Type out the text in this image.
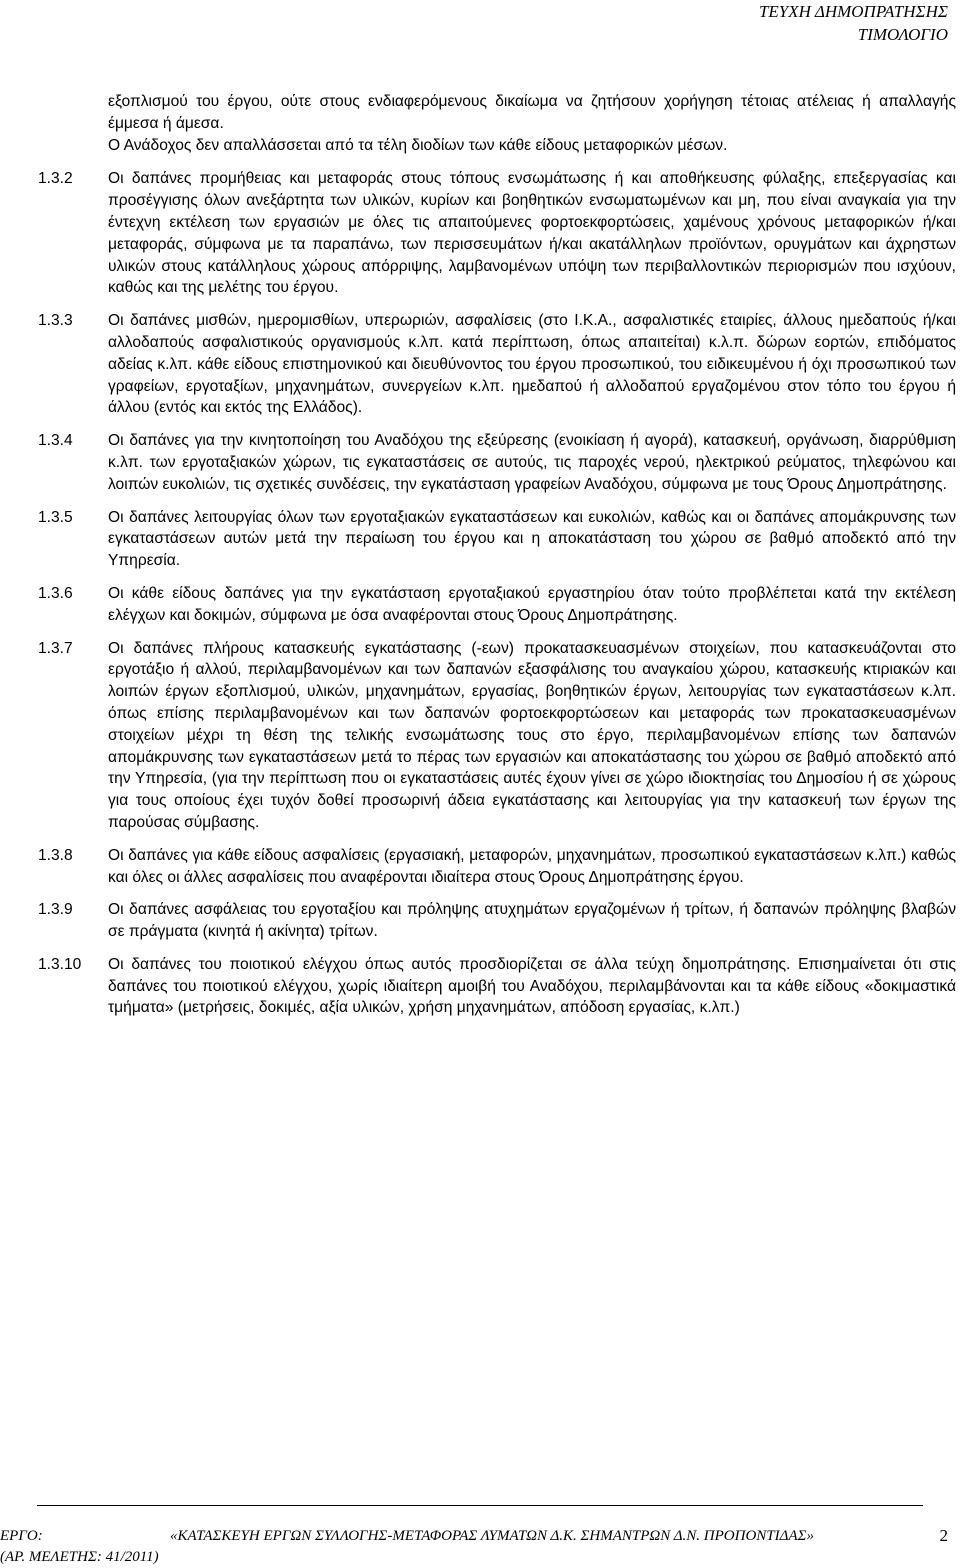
ΤΕΥΧΗ ΔΗΜΟΠΡΑΤΗΣΗΣ
ΤΙΜΟΛΟΓΙΟ

εξοπλισμού του έργου, ούτε στους ενδιαφερόμενους δικαίωμα να ζητήσουν χορήγηση τέτοιας ατέλειας ή απαλλαγής έμμεσα ή άμεσα.

Ο Ανάδοχος δεν απαλλάσσεται από τα τέλη διοδίων των κάθε είδους μεταφορικών μέσων.

1.3.2	Οι δαπάνες προμήθειας και μεταφοράς στους τόπους ενσωμάτωσης ή και αποθήκευσης φύλαξης, επεξεργασίας και προσέγγισης όλων ανεξάρτητα των υλικών, κυρίων και βοηθητικών ενσωματωμένων και μη, που είναι αναγκαία για την έντεχνη εκτέλεση των εργασιών με όλες τις απαιτούμενες φορτοεκφορτώσεις, χαμένους χρόνους μεταφορικών ή/και μεταφοράς, σύμφωνα με τα παραπάνω, των περισσευμάτων ή/και ακατάλληλων προϊόντων, ορυγμάτων και άχρηστων υλικών στους κατάλληλους χώρους απόρριψης, λαμβανομένων υπόψη των περιβαλλοντικών περιορισμών που ισχύουν, καθώς και της μελέτης του έργου.

1.3.3	Οι δαπάνες μισθών, ημερομισθίων, υπερωριών, ασφαλίσεις (στο Ι.Κ.Α., ασφαλιστικές εταιρίες, άλλους ημεδαπούς ή/και αλλοδαπούς ασφαλιστικούς οργανισμούς κ.λπ. κατά περίπτωση, όπως απαιτείται) κ.λ.π. δώρων εορτών, επιδόματος αδείας κ.λπ. κάθε είδους επιστημονικού και διευθύνοντος του έργου προσωπικού, του ειδικευμένου ή όχι προσωπικού των γραφείων, εργοταξίων, μηχανημάτων, συνεργείων κ.λπ. ημεδαπού ή αλλοδαπού εργαζομένου στον τόπο του έργου ή άλλου (εντός και εκτός της Ελλάδος).

1.3.4	Οι δαπάνες για την κινητοποίηση του Αναδόχου της εξεύρεσης (ενοικίαση ή αγορά), κατασκευή, οργάνωση, διαρρύθμιση κ.λπ. των εργοταξιακών χώρων, τις εγκαταστάσεις σε αυτούς, τις παροχές νερού, ηλεκτρικού ρεύματος, τηλεφώνου και λοιπών ευκολιών, τις σχετικές συνδέσεις, την εγκατάσταση γραφείων Αναδόχου, σύμφωνα με τους Όρους Δημοπράτησης.

1.3.5	Οι δαπάνες λειτουργίας όλων των εργοταξιακών εγκαταστάσεων και ευκολιών, καθώς και οι δαπάνες απομάκρυνσης των εγκαταστάσεων αυτών μετά την περαίωση του έργου και η αποκατάσταση του χώρου σε βαθμό αποδεκτό από την Υπηρεσία.

1.3.6	Οι κάθε είδους δαπάνες για την εγκατάσταση εργοταξιακού εργαστηρίου όταν τούτο προβλέπεται κατά την εκτέλεση ελέγχων και δοκιμών, σύμφωνα με όσα αναφέρονται στους Όρους Δημοπράτησης.

1.3.7	Οι δαπάνες πλήρους κατασκευής εγκατάστασης (-εων) προκατασκευασμένων στοιχείων, που κατασκευάζονται στο εργοτάξιο ή αλλού, περιλαμβανομένων και των δαπανών εξασφάλισης του αναγκαίου χώρου, κατασκευής κτιριακών και λοιπών έργων εξοπλισμού, υλικών, μηχανημάτων, εργασίας, βοηθητικών έργων, λειτουργίας των εγκαταστάσεων κ.λπ. όπως επίσης περιλαμβανομένων και των δαπανών φορτοεκφορτώσεων και μεταφοράς των προκατασκευασμένων στοιχείων μέχρι τη θέση της τελικής ενσωμάτωσης τους στο έργο, περιλαμβανομένων επίσης των δαπανών απομάκρυνσης των εγκαταστάσεων μετά το πέρας των εργασιών και αποκατάστασης του χώρου σε βαθμό αποδεκτό από την Υπηρεσία, (για την περίπτωση που οι εγκαταστάσεις αυτές έχουν γίνει σε χώρο ιδιοκτησίας του Δημοσίου ή σε χώρους για τους οποίους έχει τυχόν δοθεί προσωρινή άδεια εγκατάστασης και λειτουργίας για την κατασκευή των έργων της παρούσας σύμβασης.

1.3.8	Οι δαπάνες για κάθε είδους ασφαλίσεις (εργασιακή, μεταφορών, μηχανημάτων, προσωπικού εγκαταστάσεων κ.λπ.) καθώς και όλες οι άλλες ασφαλίσεις που αναφέρονται ιδιαίτερα στους Όρους Δημοπράτησης έργου.

1.3.9	Οι δαπάνες ασφάλειας του εργοταξίου και πρόληψης ατυχημάτων εργαζομένων ή τρίτων, ή δαπανών πρόληψης βλαβών σε πράγματα (κινητά ή ακίνητα) τρίτων.

1.3.10	Οι δαπάνες του ποιοτικού ελέγχου όπως αυτός προσδιορίζεται σε άλλα τεύχη δημοπράτησης. Επισημαίνεται ότι στις δαπάνες του ποιοτικού ελέγχου, χωρίς ιδιαίτερη αμοιβή του Αναδόχου, περιλαμβάνονται και τα κάθε είδους «δοκιμαστικά τμήματα» (μετρήσεις, δοκιμές, αξία υλικών, χρήση μηχανημάτων, απόδοση εργασίας, κ.λπ.)

ΕΡΓΟ:	«ΚΑΤΑΣΚΕΥΗ ΕΡΓΩΝ ΣΥΛΛΟΓΗΣ-ΜΕΤΑΦΟΡΑΣ ΛΥΜΑΤΩΝ Δ.Κ. ΣΗΜΑΝΤΡΩΝ Δ.Ν. ΠΡΟΠΟΝΤΙΔΑΣ»	2
(ΑΡ. ΜΕΛΕΤΗΣ: 41/2011)
